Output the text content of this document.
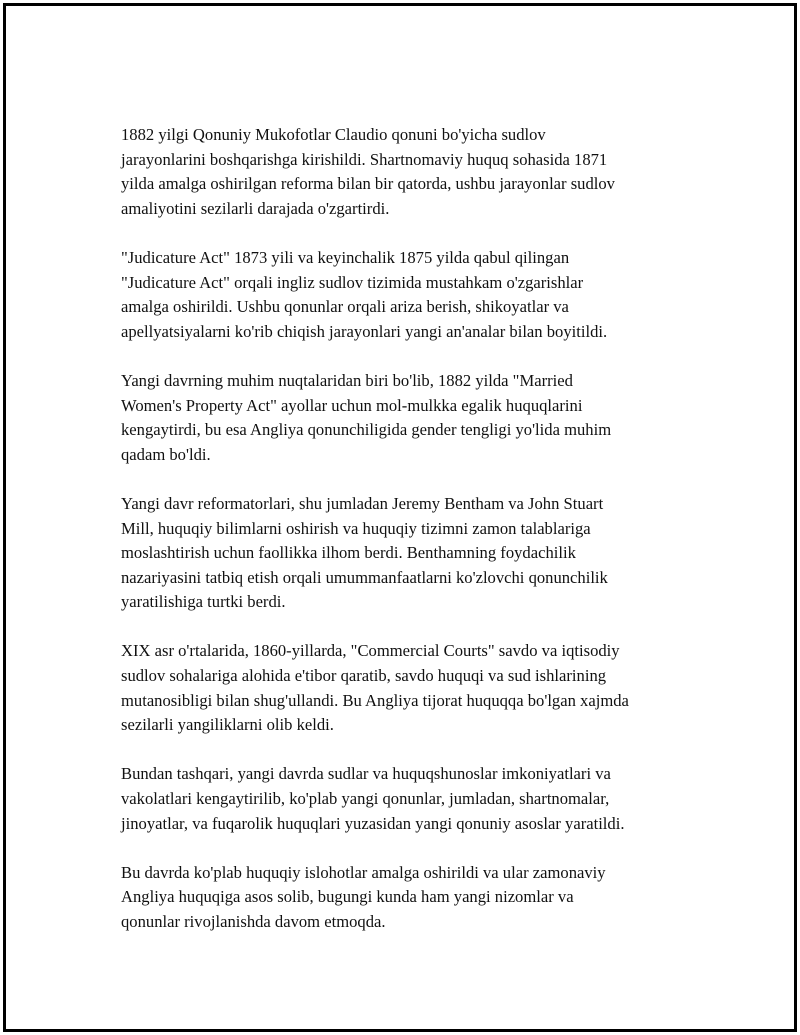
1882 yilgi Qonuniy Mukofotlar Claudio qonuni bo'yicha sudlov
jarayonlarini boshqarishga kirishildi. Shartnomaviy huquq sohasida 1871
yilda amalga oshirilgan reforma bilan bir qatorda, ushbu jarayonlar sudlov
amaliyotini sezilarli darajada o'zgartirdi.

"Judicature Act" 1873 yili va keyinchalik 1875 yilda qabul qilingan
"Judicature Act" orqali ingliz sudlov tizimida mustahkam o'zgarishlar
amalga oshirildi. Ushbu qonunlar orqali ariza berish, shikoyatlar va
apellyatsiyalarni ko'rib chiqish jarayonlari yangi an'analar bilan boyitildi.

Yangi davrning muhim nuqtalaridan biri bo'lib, 1882 yilda "Married
Women's Property Act" ayollar uchun mol-mulkka egalik huquqlarini
kengaytirdi, bu esa Angliya qonunchiligida gender tengligi yo'lida muhim
qadam bo'ldi.

Yangi davr reformatorlari, shu jumladan Jeremy Bentham va John Stuart
Mill, huquqiy bilimlarni oshirish va huquqiy tizimni zamon talablariga
moslashtirish uchun faollikka ilhom berdi. Benthamning foydachilik
nazariyasini tatbiq etish orqali umummanfaatlarni ko'zlovchi qonunchilik
yaratilishiga turtki berdi.

XIX asr o'rtalarida, 1860-yillarda, "Commercial Courts" savdo va iqtisodiy
sudlov sohalariga alohida e'tibor qaratib, savdo huquqi va sud ishlarining
mutanosibligi bilan shug'ullandi. Bu Angliya tijorat huquqqa bo'lgan xajmda
sezilarli yangiliklarni olib keldi.

Bundan tashqari, yangi davrda sudlar va huquqshunoslar imkoniyatlari va
vakolatlari kengaytirilib, ko'plab yangi qonunlar, jumladan, shartnomalar,
jinoyatlar, va fuqarolik huquqlari yuzasidan yangi qonuniy asoslar yaratildi.

Bu davrda ko'plab huquqiy islohotlar amalga oshirildi va ular zamonaviy
Angliya huquqiga asos solib, bugungi kunda ham yangi nizomlar va
qonunlar rivojlanishda davom etmoqda.
